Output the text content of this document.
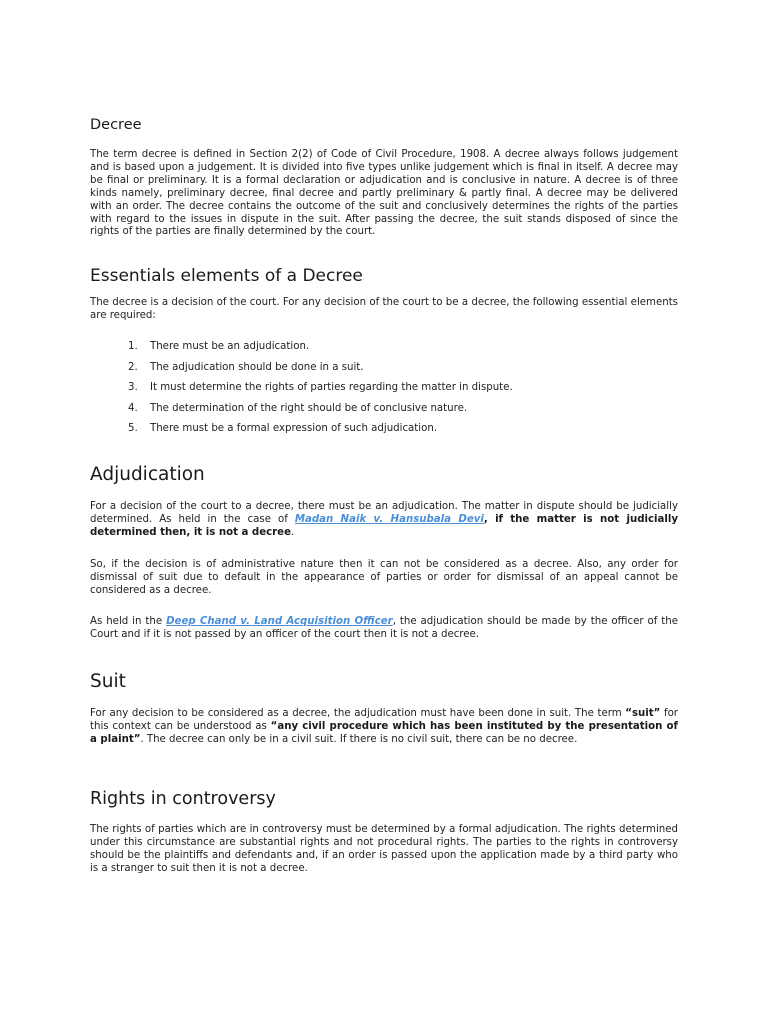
Decree

The term decree is defined in Section 2(2) of Code of Civil Procedure, 1908. A decree always follows judgement and is based upon a judgement. It is divided into five types unlike judgement which is final in itself. A decree may be final or preliminary. It is a formal declaration or adjudication and is conclusive in nature. A decree is of three kinds namely, preliminary decree, final decree and partly preliminary & partly final. A decree may be delivered with an order. The decree contains the outcome of the suit and conclusively determines the rights of the parties with regard to the issues in dispute in the suit. After passing the decree, the suit stands disposed of since the rights of the parties are finally determined by the court.

Essentials elements of a Decree

The decree is a decision of the court. For any decision of the court to be a decree, the following essential elements are required:

1. There must be an adjudication.
2. The adjudication should be done in a suit.
3. It must determine the rights of parties regarding the matter in dispute.
4. The determination of the right should be of conclusive nature.
5. There must be a formal expression of such adjudication.
Adjudication

For a decision of the court to a decree, there must be an adjudication. The matter in dispute should be judicially determined. As held in the case of Madan Naik v. Hansubala Devi, if the matter is not judicially determined then, it is not a decree.

So, if the decision is of administrative nature then it can not be considered as a decree. Also, any order for dismissal of suit due to default in the appearance of parties or order for dismissal of an appeal cannot be considered as a decree.

As held in the Deep Chand v. Land Acquisition Officer, the adjudication should be made by the officer of the Court and if it is not passed by an officer of the court then it is not a decree.

Suit

For any decision to be considered as a decree, the adjudication must have been done in suit. The term “suit” for this context can be understood as “any civil procedure which has been instituted by the presentation of a plaint”. The decree can only be in a civil suit. If there is no civil suit, there can be no decree.

Rights in controversy

The rights of parties which are in controversy must be determined by a formal adjudication. The rights determined under this circumstance are substantial rights and not procedural rights. The parties to the rights in controversy should be the plaintiffs and defendants and, if an order is passed upon the application made by a third party who is a stranger to suit then it is not a decree.
